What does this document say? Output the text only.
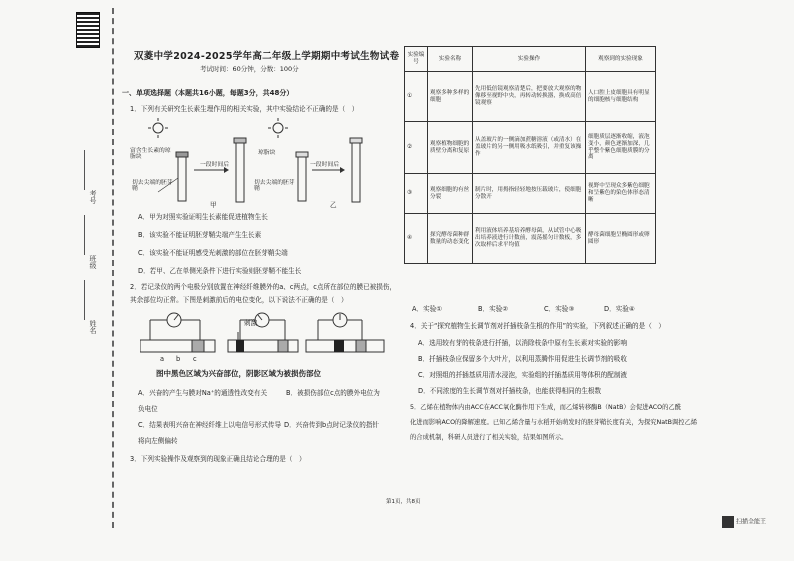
考号
班级
姓名
双菱中学2024-2025学年高二年级上学期期中考试生物试卷
考试时间：60分钟，分数：100分
一、单项选择题（本题共16小题，每题3分，共48分）
1．下列有关研究生长素生理作用的相关实验，其中实验结论不正确的是（　）
富含生长素的琼脂块
一段时间后
琼脂块
一段时间后
切去尖端的胚芽鞘
切去尖端的胚芽鞘
甲	乙
A．甲为对照实验证明生长素能促进植物生长
B．该实验不能证明胚芽鞘尖端产生生长素
C．该实验不能证明感受光刺激的部位在胚芽鞘尖端
D．若甲、乙在单侧光条件下进行实验则胚芽鞘不能生长
2．若记录仪的两个电极分别放置在神经纤维膜外的a、c两点，c点所在部位的膜已被损伤，
其余部位均正常。下图是刺激前后的电位变化，以下说法不正确的是（　）
刺激
a b c
图中黑色区域为兴奋部位，阴影区域为被损伤部位
A．兴奋的产生与膜对Na⁺的通透性改变有关	B．被损伤部位c点的膜外电位为
负电位
C．结果表明兴奋在神经纤维上以电信号形式传导 D．兴奋传到b点时记录仪的指针
将向左侧偏转
3．下列实验操作及观察到的现象正确且结论合理的是（　）
实验编号	实验名称	实验操作	观察到的实验现象
①	观察多种多样的细胞	先用低倍镜观察清楚后，把要放大观察的物像移至视野中央，再转动转换器，换成高倍镜观察	人口腔上皮细胞具有明显的细胞核与细胞结构
②	观察植物细胞的质壁分离和复原	从盖玻片的一侧滴加蔗糖溶液（或清水）在盖玻片的另一侧用吸水纸吸引，并重复该操作	细胞质层逐渐收缩，液泡变小，颜色逐渐加深，几乎整个紫色细胞质膜的分离
③	观察细胞的有丝分裂	制片时，用拇指轻轻地按压载玻片，使细胞分散开	视野中呈现众多紫色细胞和呈紫色的染色体形态清晰
④	探究酵母菌种群数量的动态变化	利用液体培养基培养酵母菌，从试管中心吸出培养液进行计数前，震荡摇匀计数板，多次取样后求平均值	酵母菌细胞呈椭圆形或卵圆形
A．实验①	B．实验②	C．实验③	D．实验④
4．关于“探究植物生长调节剂对扦插枝条生根的作用”的实验，下列叙述正确的是（　）
A．选用较有芽的枝条进行扦插，以消除枝条中原有生长素对实验的影响
B．扦插枝条应保留多个大叶片，以利用蒸腾作用促进生长调节剂的吸收
C．对照组的扦插基质用清水浸泡，实验组的扦插基质用等体积的配制液
D．不同浓度的生长调节剂对扦插枝条，也能获得相同的生根数
5．乙烯在植物体内由ACC在ACC氧化酶作用下生成，而乙烯转移酶B（NatB）会促进ACO的乙酰
化进而影响ACO的降解速度。已知乙烯含量与水稻开始萌发时的胚芽鞘长度有关，为探究NatB调控乙烯
的合成机制，科研人员进行了相关实验，结果如图所示。
第1页，共8页
扫描全能王
